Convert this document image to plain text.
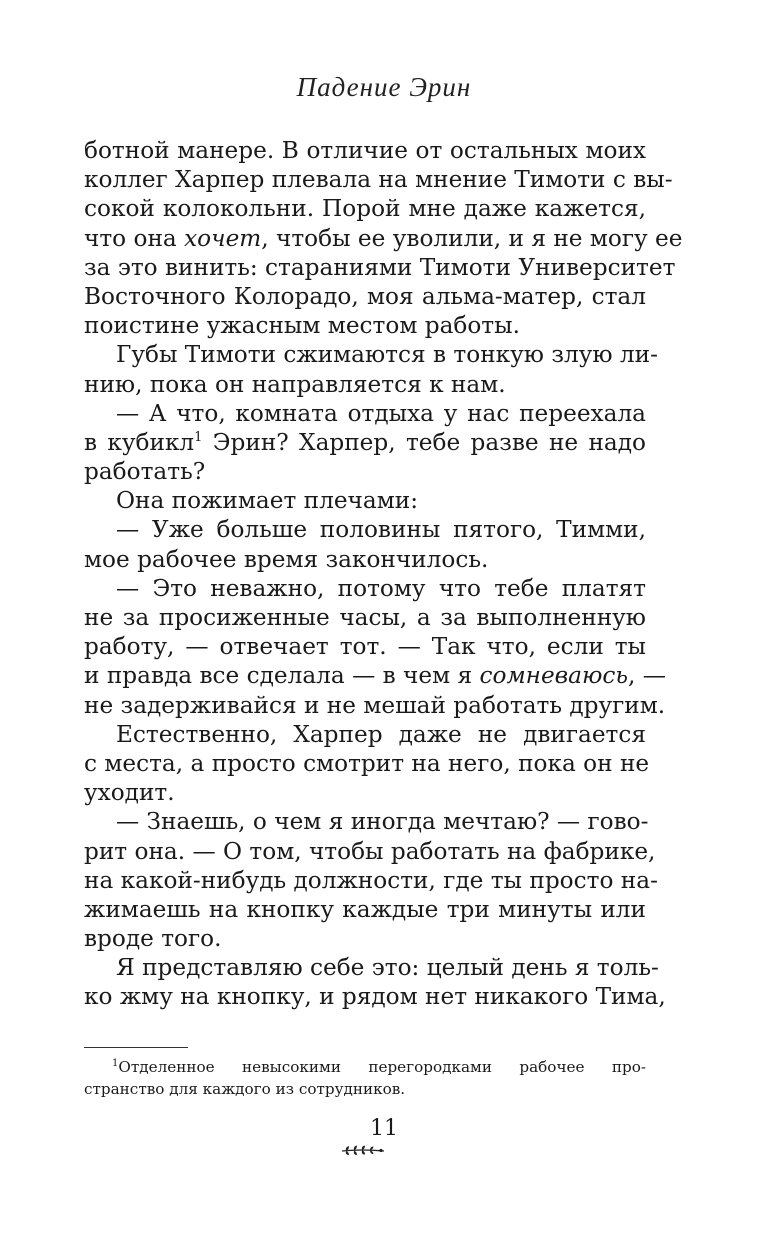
Падение Эрин
ботной манере. В отличие от остальных моих
коллег Харпер плевала на мнение Тимоти с вы-
сокой колокольни. Порой мне даже кажется,
что она хочет, чтобы ее уволили, и я не могу ее
за это винить: стараниями Тимоти Университет
Восточного Колорадо, моя альма-матер, стал
поистине ужасным местом работы.
Губы Тимоти сжимаются в тонкую злую ли-
нию, пока он направляется к нам.
— А что, комната отдыха у нас переехала
в кубикл$^1$ Эрин? Харпер, тебе разве не надо
работать?
Она пожимает плечами:
— Уже больше половины пятого, Тимми,
мое рабочее время закончилось.
— Это неважно, потому что тебе платят
не за просиженные часы, а за выполненную
работу, — отвечает тот. — Так что, если ты
и правда все сделала — в чем я сомневаюсь, —
не задерживайся и не мешай работать другим.
Естественно, Харпер даже не двигается
с места, а просто смотрит на него, пока он не
уходит.
— Знаешь, о чем я иногда мечтаю? — гово-
рит она. — О том, чтобы работать на фабрике,
на какой-нибудь должности, где ты просто на-
жимаешь на кнопку каждые три минуты или
вроде того.
Я представляю себе это: целый день я толь-
ко жму на кнопку, и рядом нет никакого Тима,
$^1$Отделенное невысокими перегородками рабочее про-
странство для каждого из сотрудников.
11
